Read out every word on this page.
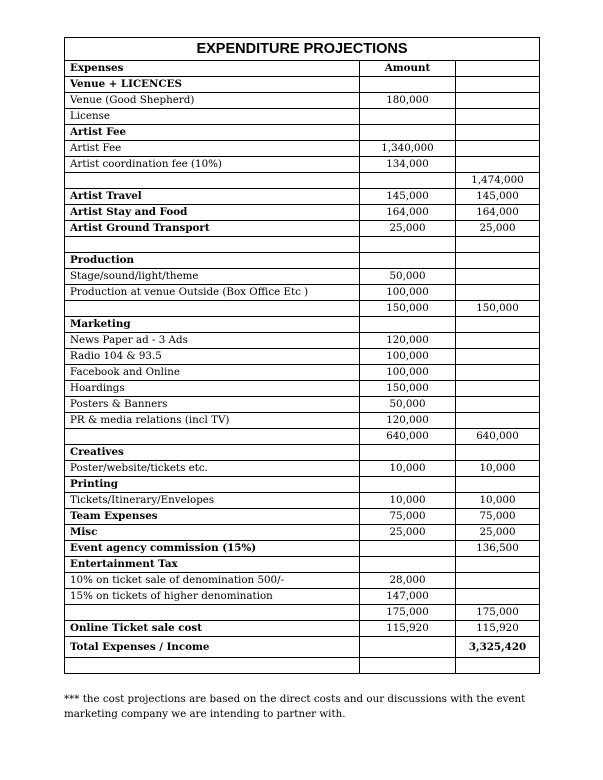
EXPENDITURE PROJECTIONS
Expenses	Amount	
Venue + LICENCES		
Venue (Good Shepherd)	180,000	
License		
Artist Fee		
Artist Fee	1,340,000	
Artist coordination fee (10%)	134,000	
		1,474,000
Artist Travel	145,000	145,000
Artist Stay and Food	164,000	164,000
Artist Ground Transport	25,000	25,000

Production		
Stage/sound/light/theme	50,000	
Production at venue Outside (Box Office Etc )	100,000	
	150,000	150,000
Marketing		
News Paper ad - 3 Ads	120,000	
Radio 104 & 93.5	100,000	
Facebook and Online	100,000	
Hoardings	150,000	
Posters & Banners	50,000	
PR & media relations (incl TV)	120,000	
	640,000	640,000
Creatives		
Poster/website/tickets etc.	10,000	10,000
Printing		
Tickets/Itinerary/Envelopes	10,000	10,000
Team Expenses	75,000	75,000
Misc	25,000	25,000
Event agency commission (15%)		136,500
Entertainment Tax		
10% on ticket sale of denomination 500/-	28,000	
15% on tickets of higher denomination	147,000	
	175,000	175,000
Online Ticket sale cost	115,920	115,920
Total Expenses / Income		3,325,420

*** the cost projections are based on the direct costs and our discussions with the event marketing company we are intending to partner with.
